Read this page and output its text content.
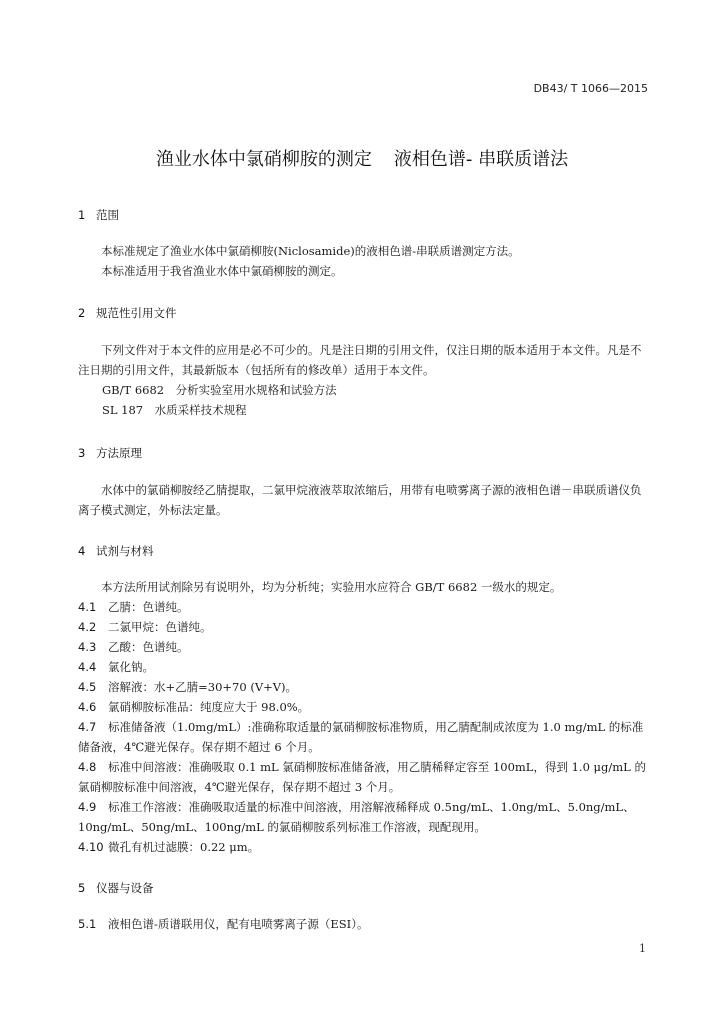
DB43/ T 1066—2015
渔业水体中氯硝柳胺的测定 液相色谱- 串联质谱法
1 范围
本标准规定了渔业水体中氯硝柳胺(Niclosamide)的液相色谱-串联质谱测定方法。
本标准适用于我省渔业水体中氯硝柳胺的测定。
2 规范性引用文件
下列文件对于本文件的应用是必不可少的。凡是注日期的引用文件，仅注日期的版本适用于本文件。凡是不注日期的引用文件，其最新版本（包括所有的修改单）适用于本文件。
GB/T 6682　分析实验室用水规格和试验方法
SL 187　水质采样技术规程
3 方法原理
水体中的氯硝柳胺经乙腈提取，二氯甲烷液液萃取浓缩后，用带有电喷雾离子源的液相色谱－串联质谱仪负离子模式测定，外标法定量。
4 试剂与材料
本方法所用试剂除另有说明外，均为分析纯；实验用水应符合 GB/T 6682 一级水的规定。
4.1 乙腈：色谱纯。
4.2 二氯甲烷：色谱纯。
4.3 乙酸：色谱纯。
4.4 氯化钠。
4.5 溶解液：水+乙腈=30+70 (V+V)。
4.6 氯硝柳胺标准品：纯度应大于 98.0%。
4.7 标准储备液（1.0mg/mL）:准确称取适量的氯硝柳胺标准物质，用乙腈配制成浓度为 1.0 mg/mL 的标准储备液，4℃避光保存。保存期不超过 6 个月。
4.8 标准中间溶液：准确吸取 0.1 mL 氯硝柳胺标准储备液，用乙腈稀释定容至 100mL，得到 1.0 μg/mL 的氯硝柳胺标准中间溶液，4℃避光保存，保存期不超过 3 个月。
4.9 标准工作溶液：准确吸取适量的标准中间溶液，用溶解液稀释成 0.5ng/mL、1.0ng/mL、5.0ng/mL、10ng/mL、50ng/mL、100ng/mL 的氯硝柳胺系列标准工作溶液，现配现用。
4.10 微孔有机过滤膜：0.22 μm。
5 仪器与设备
5.1 液相色谱-质谱联用仪，配有电喷雾离子源（ESI）。
1
